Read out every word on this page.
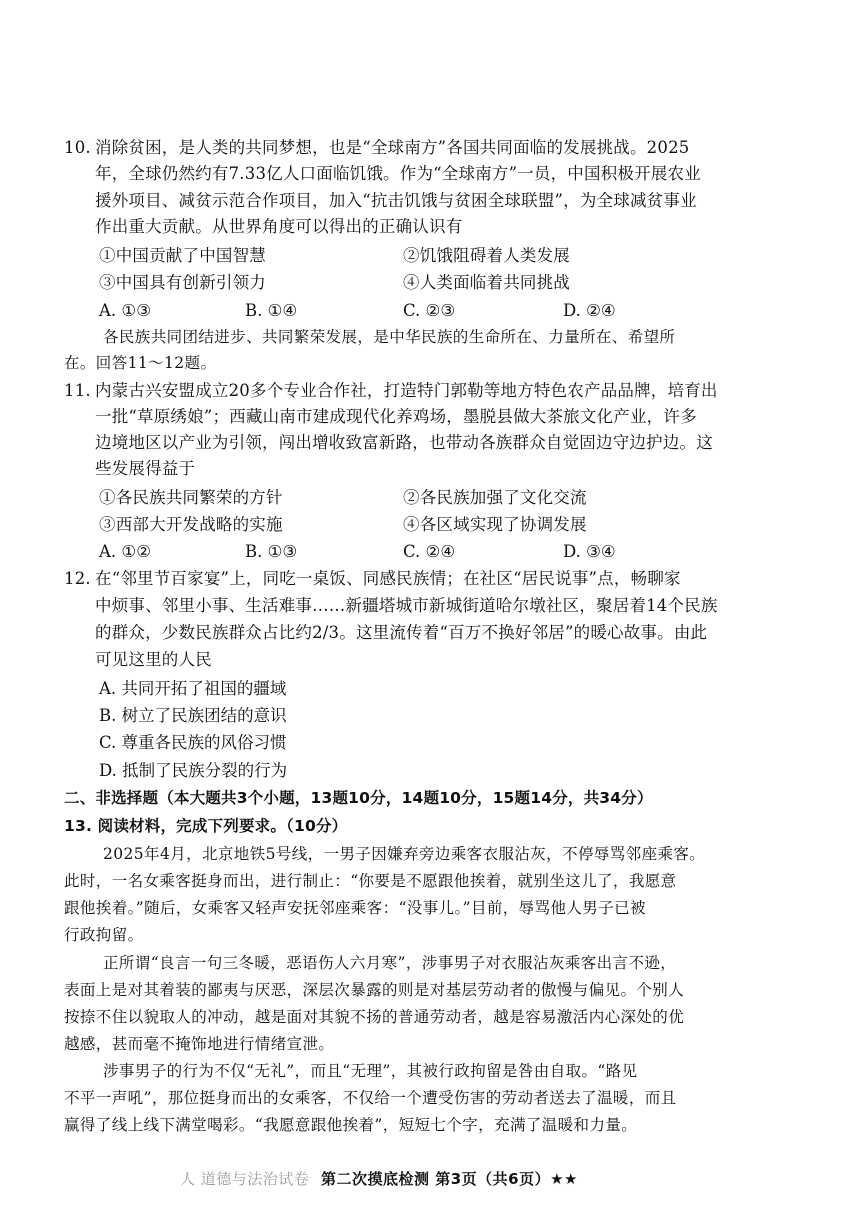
10. 消除贫困，是人类的共同梦想，也是“全球南方”各国共同面临的发展挑战。2025
年，全球仍然约有7.33亿人口面临饥饿。作为“全球南方”一员，中国积极开展农业
援外项目、减贫示范合作项目，加入“抗击饥饿与贫困全球联盟”，为全球减贫事业
作出重大贡献。从世界角度可以得出的正确认识有
①中国贡献了中国智慧	②饥饿阻碍着人类发展
③中国具有创新引领力	④人类面临着共同挑战
A. ①③	B. ①④	C. ②③	D. ②④
各民族共同团结进步、共同繁荣发展，是中华民族的生命所在、力量所在、希望所
在。回答11～12题。
11. 内蒙古兴安盟成立20多个专业合作社，打造特门郭勒等地方特色农产品品牌，培育出
一批“草原绣娘”；西藏山南市建成现代化养鸡场，墨脱县做大茶旅文化产业，许多
边境地区以产业为引领，闯出增收致富新路，也带动各族群众自觉固边守边护边。这
些发展得益于
①各民族共同繁荣的方针	②各民族加强了文化交流
③西部大开发战略的实施	④各区域实现了协调发展
A. ①②	B. ①③	C. ②④	D. ③④
12. 在“邻里节百家宴”上，同吃一桌饭、同感民族情；在社区“居民说事”点，畅聊家
中烦事、邻里小事、生活难事……新疆塔城市新城街道哈尔墩社区，聚居着14个民族
的群众，少数民族群众占比约2/3。这里流传着“百万不换好邻居”的暖心故事。由此
可见这里的人民
A. 共同开拓了祖国的疆域
B. 树立了民族团结的意识
C. 尊重各民族的风俗习惯
D. 抵制了民族分裂的行为
二、非选择题（本大题共3个小题，13题10分，14题10分，15题14分，共34分）
13. 阅读材料，完成下列要求。（10分）
2025年4月，北京地铁5号线，一男子因嫌弃旁边乘客衣服沾灰，不停辱骂邻座乘客。
此时，一名女乘客挺身而出，进行制止：“你要是不愿跟他挨着，就别坐这儿了，我愿意
跟他挨着。”随后，女乘客又轻声安抚邻座乘客：“没事儿。”目前，辱骂他人男子已被
行政拘留。
正所谓“良言一句三冬暖，恶语伤人六月寒”，涉事男子对衣服沾灰乘客出言不逊，
表面上是对其着装的鄙夷与厌恶，深层次暴露的则是对基层劳动者的傲慢与偏见。个别人
按捺不住以貌取人的冲动，越是面对其貌不扬的普通劳动者，越是容易激活内心深处的优
越感，甚而毫不掩饰地进行情绪宣泄。
涉事男子的行为不仅“无礼”，而且“无理”，其被行政拘留是咎由自取。“路见
不平一声吼”，那位挺身而出的女乘客，不仅给一个遭受伤害的劳动者送去了温暖，而且
赢得了线上线下满堂喝彩。“我愿意跟他挨着”，短短七个字，充满了温暖和力量。
人 道德与法治试卷 第二次摸底检测 第3页（共6页）★★
